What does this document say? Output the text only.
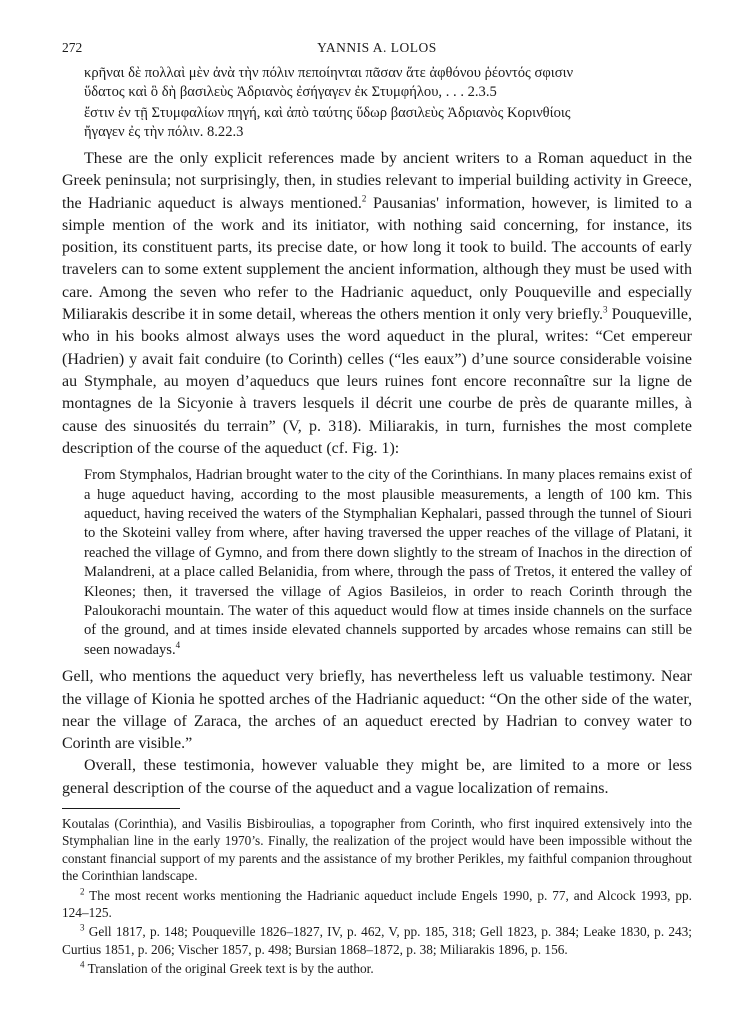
272	YANNIS A. LOLOS
κρῆναι δὲ πολλαὶ μὲν ἀνὰ τὴν πόλιν πεποίηνται πᾶσαν ἅτε ἀφθόνου ῥέοντός σφισιν
ὕδατος καὶ ὃ δὴ βασιλεὺς Ἀδριανὸς ἐσήγαγεν ἐκ Στυμφήλου, . . . 2.3.5
ἔστιν ἐν τῇ Στυμφαλίων πηγή, καὶ ἀπὸ ταύτης ὕδωρ βασιλεὺς Ἀδριανὸς Κορινθίοις
ἤγαγεν ἐς τὴν πόλιν. 8.22.3

These are the only explicit references made by ancient writers to a Roman aqueduct in the Greek peninsula; not surprisingly, then, in studies relevant to imperial building activity in Greece, the Hadrianic aqueduct is always mentioned.$^2$ Pausanias' information, however, is limited to a simple mention of the work and its initiator, with nothing said concerning, for instance, its position, its constituent parts, its precise date, or how long it took to build. The accounts of early travelers can to some extent supplement the ancient information, although they must be used with care. Among the seven who refer to the Hadrianic aqueduct, only Pouqueville and especially Miliarakis describe it in some detail, whereas the others mention it only very briefly.$^3$ Pouqueville, who in his books almost always uses the word aqueduct in the plural, writes: “Cet empereur (Hadrien) y avait fait conduire (to Corinth) celles (“les eaux”) d’une source considerable voisine au Stymphale, au moyen d’aqueducs que leurs ruines font encore reconnaître sur la ligne de montagnes de la Sicyonie à travers lesquels il décrit une courbe de près de quarante milles, à cause des sinuosités du terrain” (V, p. 318). Miliarakis, in turn, furnishes the most complete description of the course of the aqueduct (cf. Fig. 1):

From Stymphalos, Hadrian brought water to the city of the Corinthians. In many places remains exist of a huge aqueduct having, according to the most plausible measurements, a length of 100 km. This aqueduct, having received the waters of the Stymphalian Kephalari, passed through the tunnel of Siouri to the Skoteini valley from where, after having traversed the upper reaches of the village of Platani, it reached the village of Gymno, and from there down slightly to the stream of Inachos in the direction of Malandreni, at a place called Belanidia, from where, through the pass of Tretos, it entered the valley of Kleones; then, it traversed the village of Agios Basileios, in order to reach Corinth through the Paloukorachi mountain. The water of this aqueduct would flow at times inside channels on the surface of the ground, and at times inside elevated channels supported by arcades whose remains can still be seen nowadays.$^4$

Gell, who mentions the aqueduct very briefly, has nevertheless left us valuable testimony. Near the village of Kionia he spotted arches of the Hadrianic aqueduct: “On the other side of the water, near the village of Zaraca, the arches of an aqueduct erected by Hadrian to convey water to Corinth are visible.”

Overall, these testimonia, however valuable they might be, are limited to a more or less general description of the course of the aqueduct and a vague localization of remains.

Koutalas (Corinthia), and Vasilis Bisbiroulias, a topographer from Corinth, who first inquired extensively into the Stymphalian line in the early 1970’s. Finally, the realization of the project would have been impossible without the constant financial support of my parents and the assistance of my brother Perikles, my faithful companion throughout the Corinthian landscape.

$^2$ The most recent works mentioning the Hadrianic aqueduct include Engels 1990, p. 77, and Alcock 1993, pp. 124–125.

$^3$ Gell 1817, p. 148; Pouqueville 1826–1827, IV, p. 462, V, pp. 185, 318; Gell 1823, p. 384; Leake 1830, p. 243; Curtius 1851, p. 206; Vischer 1857, p. 498; Bursian 1868–1872, p. 38; Miliarakis 1896, p. 156.

$^4$ Translation of the original Greek text is by the author.
